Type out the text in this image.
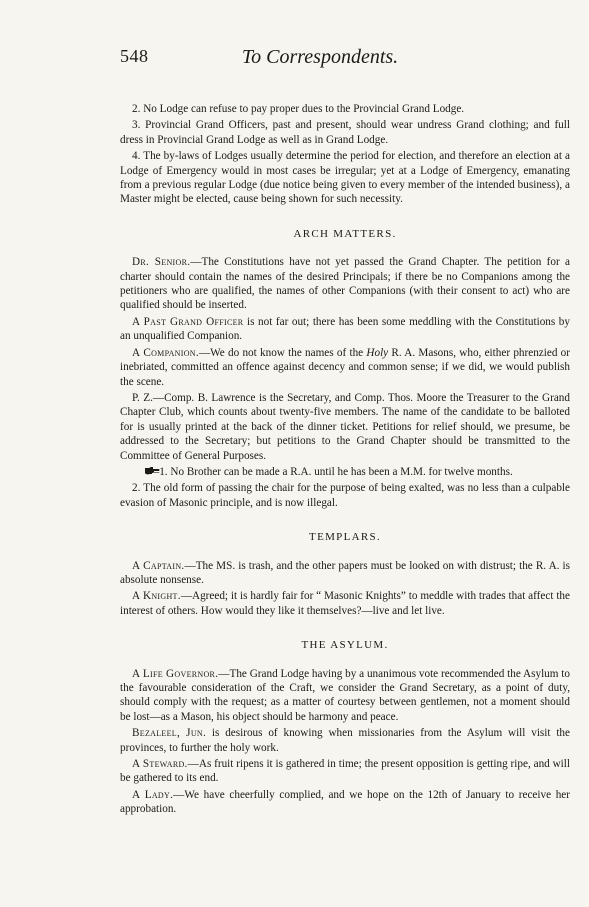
548	To Correspondents.

2. No Lodge can refuse to pay proper dues to the Provincial Grand Lodge.

3. Provincial Grand Officers, past and present, should wear undress Grand clothing; and full dress in Provincial Grand Lodge as well as in Grand Lodge.

4. The by-laws of Lodges usually determine the period for election, and therefore an election at a Lodge of Emergency would in most cases be irregular; yet at a Lodge of Emergency, emanating from a previous regular Lodge (due notice being given to every member of the intended business), a Master might be elected, cause being shown for such necessity.

ARCH MATTERS.

Dr. Senior.—The Constitutions have not yet passed the Grand Chapter. The petition for a charter should contain the names of the desired Principals; if there be no Companions among the petitioners who are qualified, the names of other Companions (with their consent to act) who are qualified should be inserted.

A Past Grand Officer is not far out; there has been some meddling with the Constitutions by an unqualified Companion.

A Companion.—We do not know the names of the Holy R. A. Masons, who, either phrenzied or inebriated, committed an offence against decency and common sense; if we did, we would publish the scene.

P. Z.—Comp. B. Lawrence is the Secretary, and Comp. Thos. Moore the Treasurer to the Grand Chapter Club, which counts about twenty-five members. The name of the candidate to be balloted for is usually printed at the back of the dinner ticket. Petitions for relief should, we presume, be addressed to the Secretary; but petitions to the Grand Chapter should be transmitted to the Committee of General Purposes.

—1. No Brother can be made a R.A. until he has been a M.M. for twelve months.

2. The old form of passing the chair for the purpose of being exalted, was no less than a culpable evasion of Masonic principle, and is now illegal.

TEMPLARS.

A Captain.—The MS. is trash, and the other papers must be looked on with distrust; the R. A. is absolute nonsense.

A Knight.—Agreed; it is hardly fair for “ Masonic Knights” to meddle with trades that affect the interest of others. How would they like it themselves?—live and let live.

THE ASYLUM.

A Life Governor.—The Grand Lodge having by a unanimous vote recommended the Asylum to the favourable consideration of the Craft, we consider the Grand Secretary, as a point of duty, should comply with the request; as a matter of courtesy between gentlemen, not a moment should be lost—as a Mason, his object should be harmony and peace.

Bezaleel, Jun. is desirous of knowing when missionaries from the Asylum will visit the provinces, to further the holy work.

A Steward.—As fruit ripens it is gathered in time; the present opposition is getting ripe, and will be gathered to its end.

A Lady.—We have cheerfully complied, and we hope on the 12th of January to receive her approbation.
